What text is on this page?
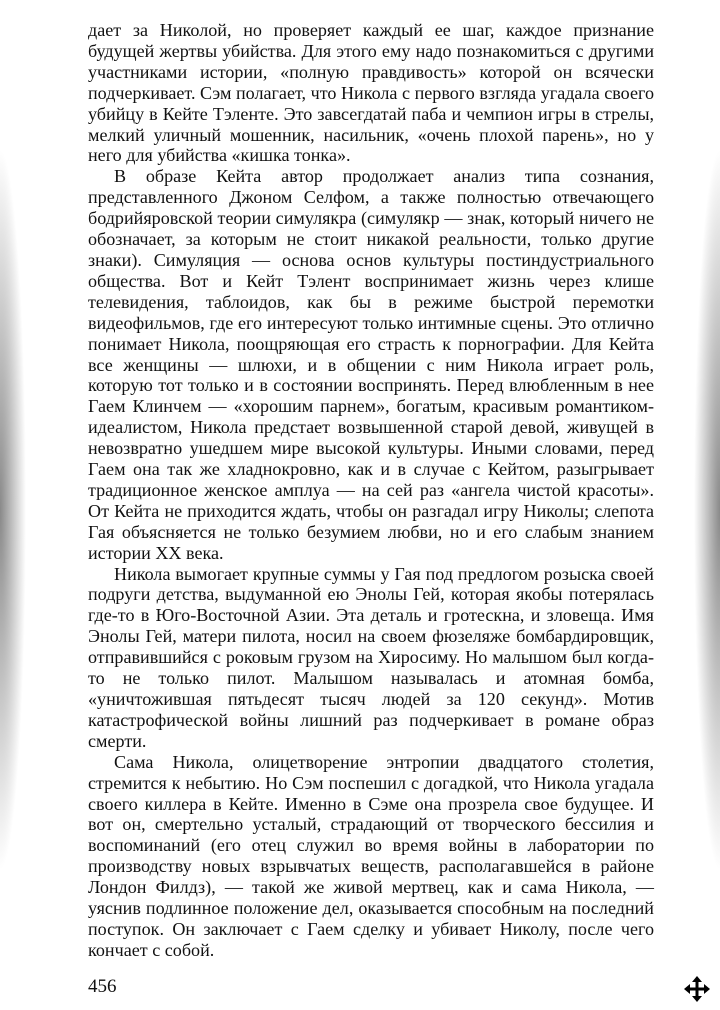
дает за Николой, но проверяет каждый ее шаг, каждое признание будущей жертвы убийства. Для этого ему надо познакомиться с другими участниками истории, «полную правдивость» которой он всячески подчеркивает. Сэм полагает, что Никола с первого взгляда угадала своего убийцу в Кейте Тэленте. Это завсегдатай паба и чемпион игры в стрелы, мелкий уличный мошенник, насильник, «очень плохой парень», но у него для убийства «кишка тонка».

В образе Кейта автор продолжает анализ типа сознания, представленного Джоном Селфом, а также полностью отвечающего бодрийяровской теории симулякра (симулякр — знак, который ничего не обозначает, за которым не стоит никакой реальности, только другие знаки). Симуляция — основа основ культуры постиндустриального общества. Вот и Кейт Тэлент воспринимает жизнь через клише телевидения, таблоидов, как бы в режиме быстрой перемотки видеофильмов, где его интересуют только интимные сцены. Это отлично понимает Никола, поощряющая его страсть к порнографии. Для Кейта все женщины — шлюхи, и в общении с ним Никола играет роль, которую тот только и в состоянии воспринять. Перед влюбленным в нее Гаем Клинчем — «хорошим парнем», богатым, красивым романтиком-идеалистом, Никола предстает возвышенной старой девой, живущей в невозвратно ушедшем мире высокой культуры. Иными словами, перед Гаем она так же хладнокровно, как и в случае с Кейтом, разыгрывает традиционное женское амплуа — на сей раз «ангела чистой красоты». От Кейта не приходится ждать, чтобы он разгадал игру Николы; слепота Гая объясняется не только безумием любви, но и его слабым знанием истории XX века.

Никола вымогает крупные суммы у Гая под предлогом розыска своей подруги детства, выдуманной ею Энолы Гей, которая якобы потерялась где-то в Юго-Восточной Азии. Эта деталь и гротескна, и зловеща. Имя Энолы Гей, матери пилота, носил на своем фюзеляже бомбардировщик, отправившийся с роковым грузом на Хиросиму. Но малышом был когда-то не только пилот. Малышом называлась и атомная бомба, «уничтожившая пятьдесят тысяч людей за 120 секунд». Мотив катастрофической войны лишний раз подчеркивает в романе образ смерти.

Сама Никола, олицетворение энтропии двадцатого столетия, стремится к небытию. Но Сэм поспешил с догадкой, что Никола угадала своего киллера в Кейте. Именно в Сэме она прозрела свое будущее. И вот он, смертельно усталый, страдающий от творческого бессилия и воспоминаний (его отец служил во время войны в лаборатории по производству новых взрывчатых веществ, располагавшейся в районе Лондон Филдз), — такой же живой мертвец, как и сама Никола, — уяснив подлинное положение дел, оказывается способным на последний поступок. Он заключает с Гаем сделку и убивает Николу, после чего кончает с собой.

456
